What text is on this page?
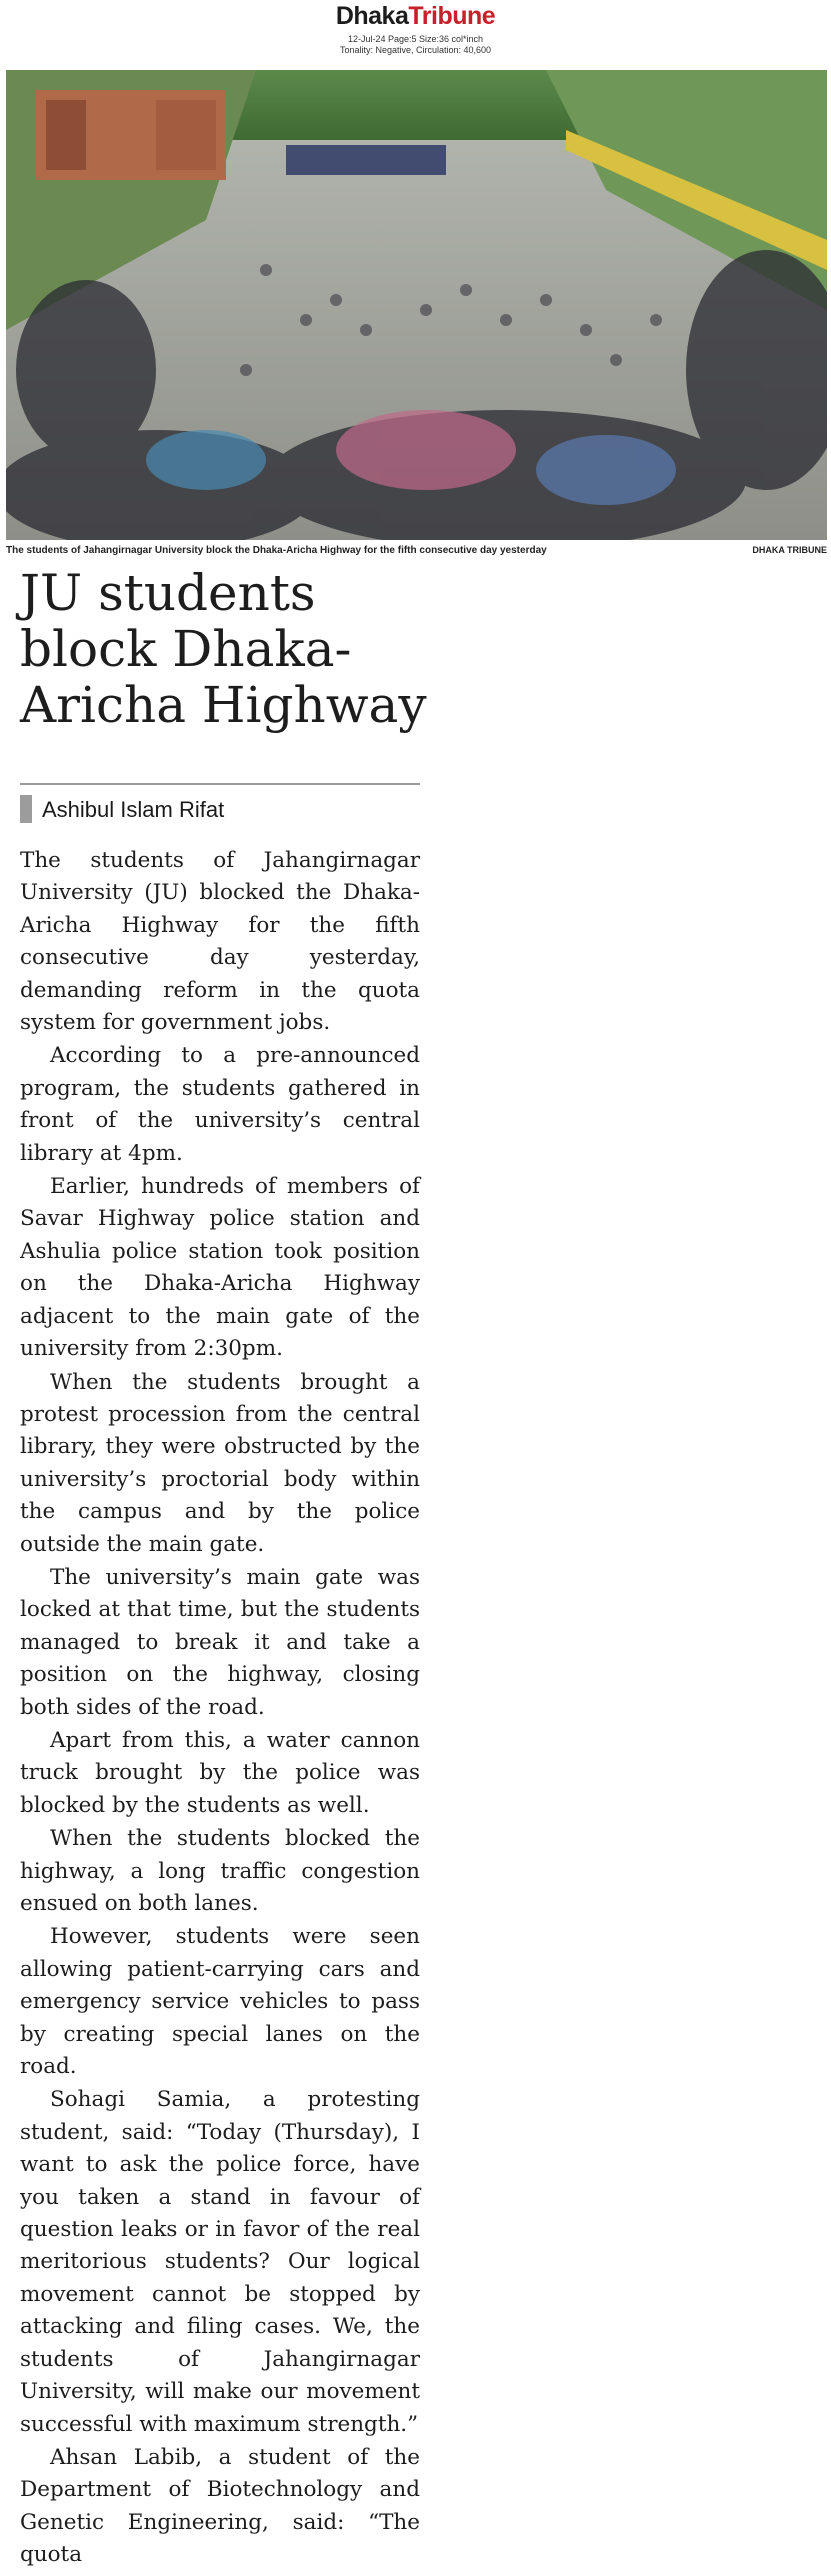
DhakaTribune
12-Jul-24 Page:5 Size:36 col*inch
Tonality: Negative, Circulation: 40,600
The students of Jahangirnagar University block the Dhaka-Aricha Highway for the fifth consecutive day yesterday	DHAKA TRIBUNE
JU students block Dhaka-Aricha Highway
Ashibul Islam Rifat

The students of Jahangirnagar University (JU) blocked the Dhaka-Aricha Highway for the fifth consecutive day yesterday, demanding reform in the quota system for government jobs.

According to a pre-announced program, the students gathered in front of the university’s central library at 4pm.

Earlier, hundreds of members of Savar Highway police station and Ashulia police station took position on the Dhaka-Aricha Highway adjacent to the main gate of the university from 2:30pm.

When the students brought a protest procession from the central library, they were obstructed by the university’s proctorial body within the campus and by the police outside the main gate.

The university’s main gate was locked at that time, but the students managed to break it and take a position on the highway, closing both sides of the road.

Apart from this, a water cannon truck brought by the police was blocked by the students as well.

When the students blocked the highway, a long traffic congestion ensued on both lanes.

However, students were seen allowing patient-carrying cars and emergency service vehicles to pass by creating special lanes on the road.

Sohagi Samia, a protesting student, said: “Today (Thursday), I want to ask the police force, have you taken a stand in favour of question leaks or in favor of the real meritorious students? Our logical movement cannot be stopped by attacking and filing cases. We, the students of Jahangirnagar University, will make our movement successful with maximum strength.”

Ahsan Labib, a student of the Department of Biotechnology and Genetic Engineering, said: “The quota
